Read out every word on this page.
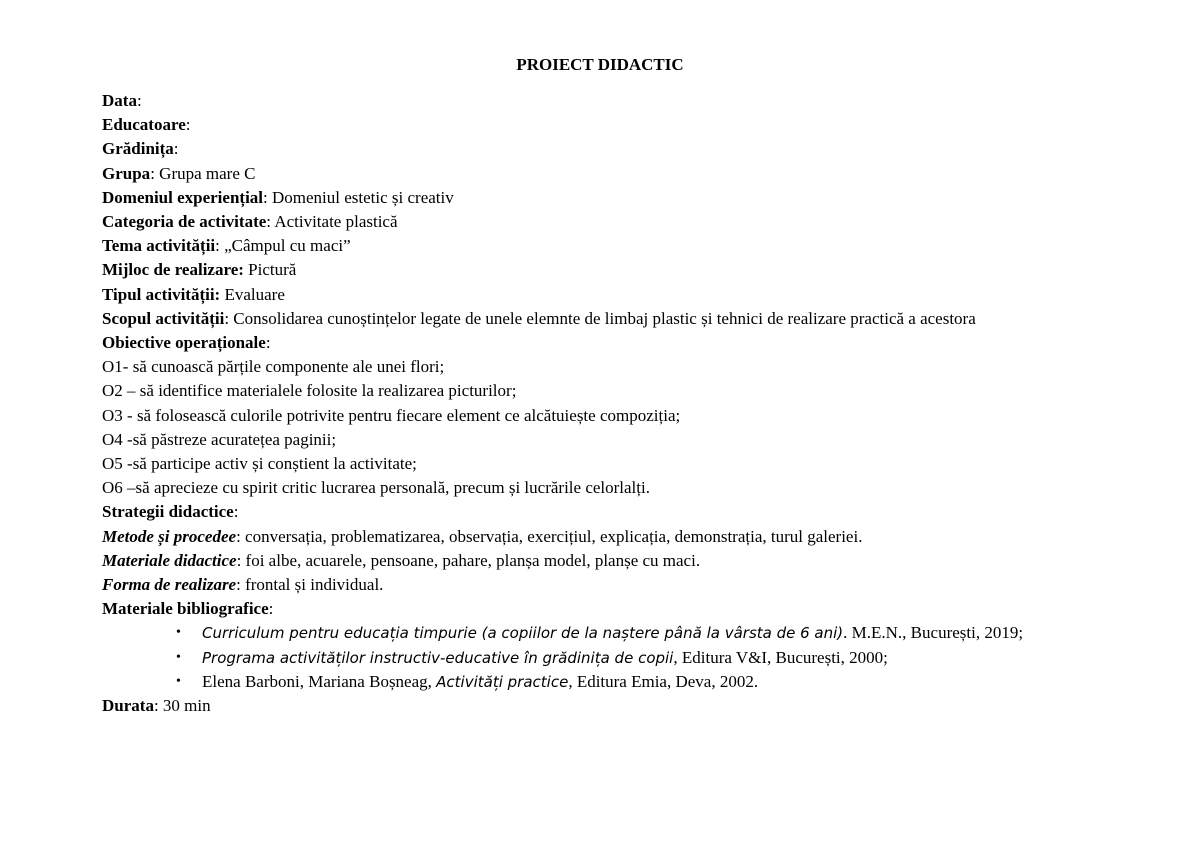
PROIECT DIDACTIC

Data:

Educatoare:

Grădinița:

Grupa: Grupa mare C

Domeniul experiențial: Domeniul estetic și creativ

Categoria de activitate: Activitate plastică

Tema activității: „Câmpul cu maci”

Mijloc de realizare: Pictură

Tipul activității: Evaluare

Scopul activității: Consolidarea cunoștințelor legate de unele elemnte de limbaj plastic și tehnici de realizare practică a acestora

Obiective operaționale:

O1- să cunoască părțile componente ale unei flori;

O2 – să identifice materialele folosite la realizarea picturilor;

O3 - să folosească culorile potrivite pentru fiecare element ce alcătuiește compoziția;

O4 -să păstreze acuratețea paginii;

O5 -să participe activ și conștient la activitate;

O6 –să aprecieze cu spirit critic lucrarea personală, precum și lucrările celorlalți.

Strategii didactice:

Metode și procedee: conversația, problematizarea, observația, exercițiul, explicația, demonstrația, turul galeriei.

Materiale didactice: foi albe, acuarele, pensoane, pahare, planșa model, planșe cu maci.

Forma de realizare: frontal și individual.

Materiale bibliografice:

• Curriculum pentru educația timpurie (a copiilor de la naștere până la vârsta de 6 ani). M.E.N., București, 2019;
• Programa activităților instructiv-educative în grădinița de copii, Editura V&I, București, 2000;
• Elena Barboni, Mariana Boșneag, Activități practice, Editura Emia, Deva, 2002.

Durata: 30 min
